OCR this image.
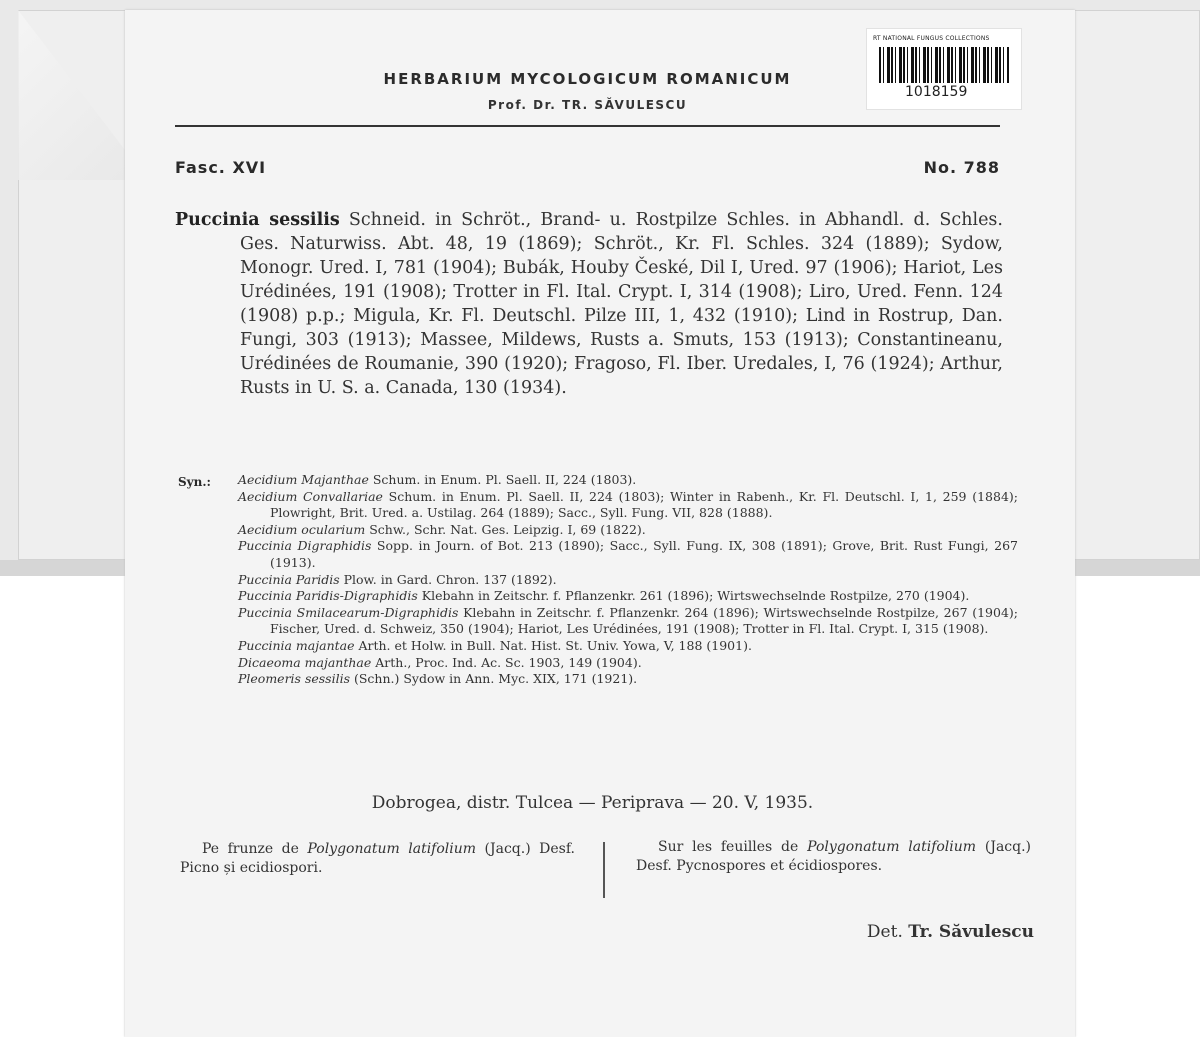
RT NATIONAL FUNGUS COLLECTIONS
1018159
HERBARIUM MYCOLOGICUM ROMANICUM
Prof. Dr. TR. SĂVULESCU
Fasc. XVI	No. 788
Puccinia sessilis Schneid. in Schröt., Brand- u. Rostpilze Schles. in Abhandl. d. Schles. Ges. Naturwiss. Abt. 48, 19 (1869); Schröt., Kr. Fl. Schles. 324 (1889); Sydow, Monogr. Ured. I, 781 (1904); Bubák, Houby České, Dil I, Ured. 97 (1906); Hariot, Les Urédinées, 191 (1908); Trotter in Fl. Ital. Crypt. I, 314 (1908); Liro, Ured. Fenn. 124 (1908) p.p.; Migula, Kr. Fl. Deutschl. Pilze III, 1, 432 (1910); Lind in Rostrup, Dan. Fungi, 303 (1913); Massee, Mildews, Rusts a. Smuts, 153 (1913); Constantineanu, Urédinées de Roumanie, 390 (1920); Fragoso, Fl. Iber. Uredales, I, 76 (1924); Arthur, Rusts in U. S. a. Canada, 130 (1934).
Syn.: Aecidium Majanthae Schum. in Enum. Pl. Saell. II, 224 (1803).
Aecidium Convallariae Schum. in Enum. Pl. Saell. II, 224 (1803); Winter in Rabenh., Kr. Fl. Deutschl. I, 1, 259 (1884); Plowright, Brit. Ured. a. Ustilag. 264 (1889); Sacc., Syll. Fung. VII, 828 (1888).
Aecidium ocularium Schw., Schr. Nat. Ges. Leipzig. I, 69 (1822).
Puccinia Digraphidis Sopp. in Journ. of Bot. 213 (1890); Sacc., Syll. Fung. IX, 308 (1891); Grove, Brit. Rust Fungi, 267 (1913).
Puccinia Paridis Plow. in Gard. Chron. 137 (1892).
Puccinia Paridis-Digraphidis Klebahn in Zeitschr. f. Pflanzenkr. 261 (1896); Wirtswechselnde Rostpilze, 270 (1904).
Puccinia Smilacearum-Digraphidis Klebahn in Zeitschr. f. Pflanzenkr. 264 (1896); Wirtswechselnde Rostpilze, 267 (1904); Fischer, Ured. d. Schweiz, 350 (1904); Hariot, Les Urédinées, 191 (1908); Trotter in Fl. Ital. Crypt. I, 315 (1908).
Puccinia majantae Arth. et Holw. in Bull. Nat. Hist. St. Univ. Yowa, V, 188 (1901).
Dicaeoma majanthae Arth., Proc. Ind. Ac. Sc. 1903, 149 (1904).
Pleomeris sessilis (Schn.) Sydow in Ann. Myc. XIX, 171 (1921).
Dobrogea, distr. Tulcea — Periprava — 20. V, 1935.
Pe frunze de Polygonatum latifolium (Jacq.) Desf. Picno și ecidiospori.
Sur les feuilles de Polygonatum latifolium (Jacq.) Desf. Pycnospores et écidiospores.
Det. Tr. Săvulescu
